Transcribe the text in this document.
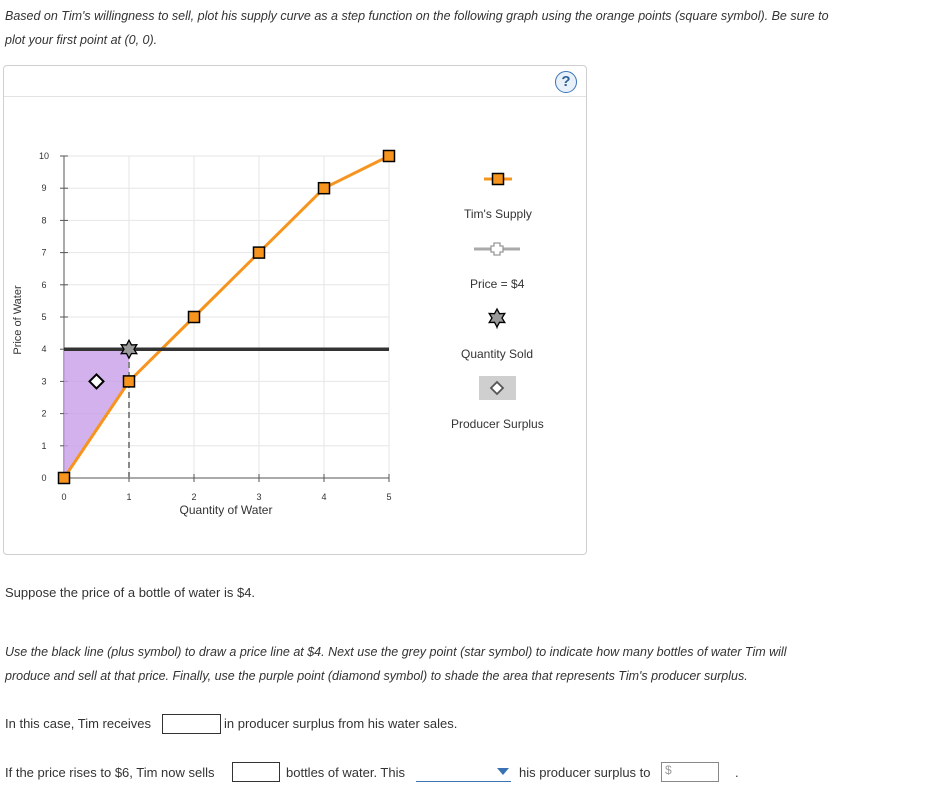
Based on Tim's willingness to sell, plot his supply curve as a step function on the following graph using the orange points (square symbol). Be sure to
plot your first point at (0, 0).
?
0	1	2	3	4	5
0
1
2
3
4
5
6
7
8
9
10
Quantity of Water
Price of Water
Tim's Supply
Price = $4
Quantity Sold
Producer Surplus
Suppose the price of a bottle of water is $4.
Use the black line (plus symbol) to draw a price line at $4. Next use the grey point (star symbol) to indicate how many bottles of water Tim will
produce and sell at that price. Finally, use the purple point (diamond symbol) to shade the area that represents Tim's producer surplus.
In this case, Tim receives	in producer surplus from his water sales.
If the price rises to $6, Tim now sells	bottles of water. This	his producer surplus to	$	.
